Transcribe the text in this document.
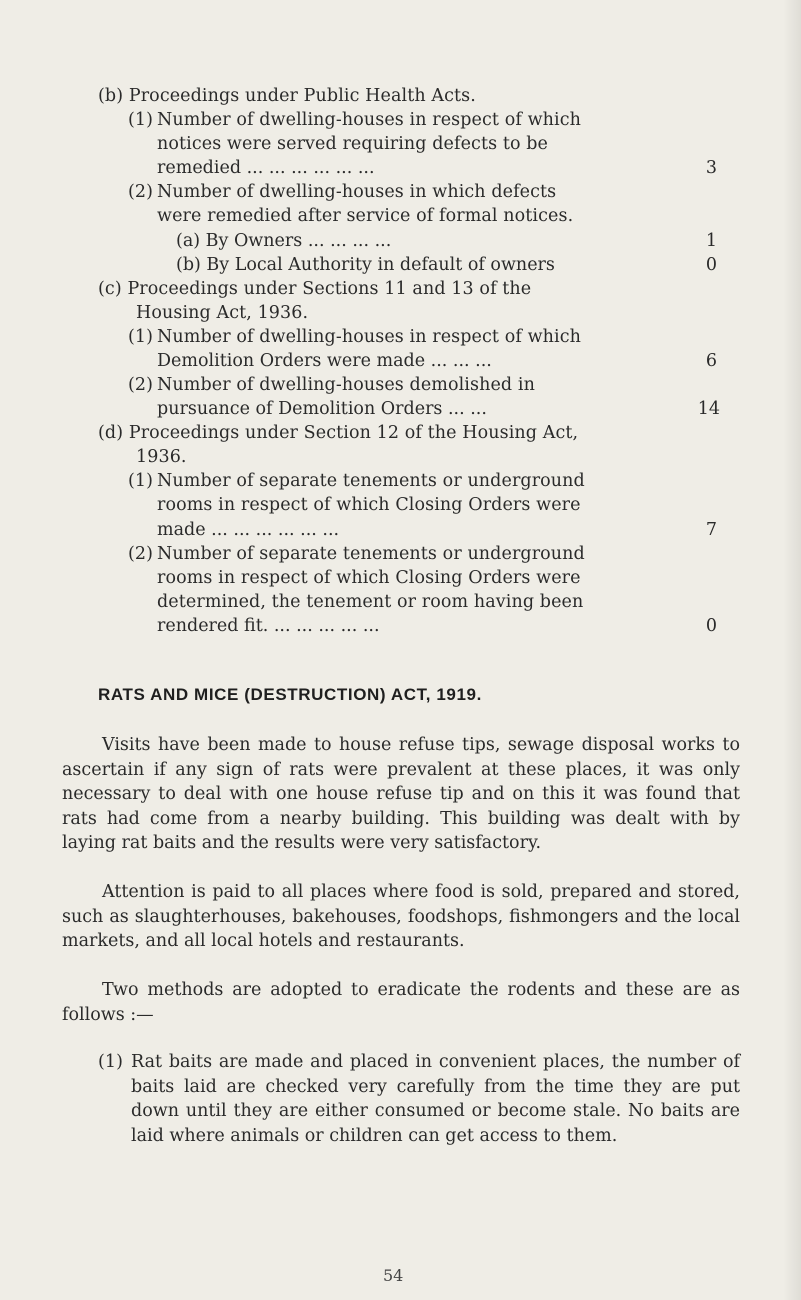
(b) Proceedings under Public Health Acts.
(1) Number of dwelling-houses in respect of which
notices were served requiring defects to be
remedied ... ... ... ... ... ...	3
(2) Number of dwelling-houses in which defects
were remedied after service of formal notices.
(a) By Owners ... ... ... ...	1
(b) By Local Authority in default of owners	0
(c) Proceedings under Sections 11 and 13 of the
Housing Act, 1936.
(1) Number of dwelling-houses in respect of which
Demolition Orders were made ... ... ...	6
(2) Number of dwelling-houses demolished in
pursuance of Demolition Orders ... ...	14
(d) Proceedings under Section 12 of the Housing Act,
1936.
(1) Number of separate tenements or underground
rooms in respect of which Closing Orders were
made ... ... ... ... ... ...	7
(2) Number of separate tenements or underground
rooms in respect of which Closing Orders were
determined, the tenement or room having been
rendered fit. ... ... ... ... ...	0
RATS AND MICE (DESTRUCTION) ACT, 1919.
Visits have been made to house refuse tips, sewage disposal works to ascertain if any sign of rats were prevalent at these places, it was only necessary to deal with one house refuse tip and on this it was found that rats had come from a nearby building. This building was dealt with by laying rat baits and the results were very satisfactory.
Attention is paid to all places where food is sold, prepared and stored, such as slaughterhouses, bakehouses, foodshops, fishmongers and the local markets, and all local hotels and restaurants.
Two methods are adopted to eradicate the rodents and these are as follows :—
(1) Rat baits are made and placed in convenient places, the number of baits laid are checked very carefully from the time they are put down until they are either consumed or become stale. No baits are laid where animals or children can get access to them.
54
